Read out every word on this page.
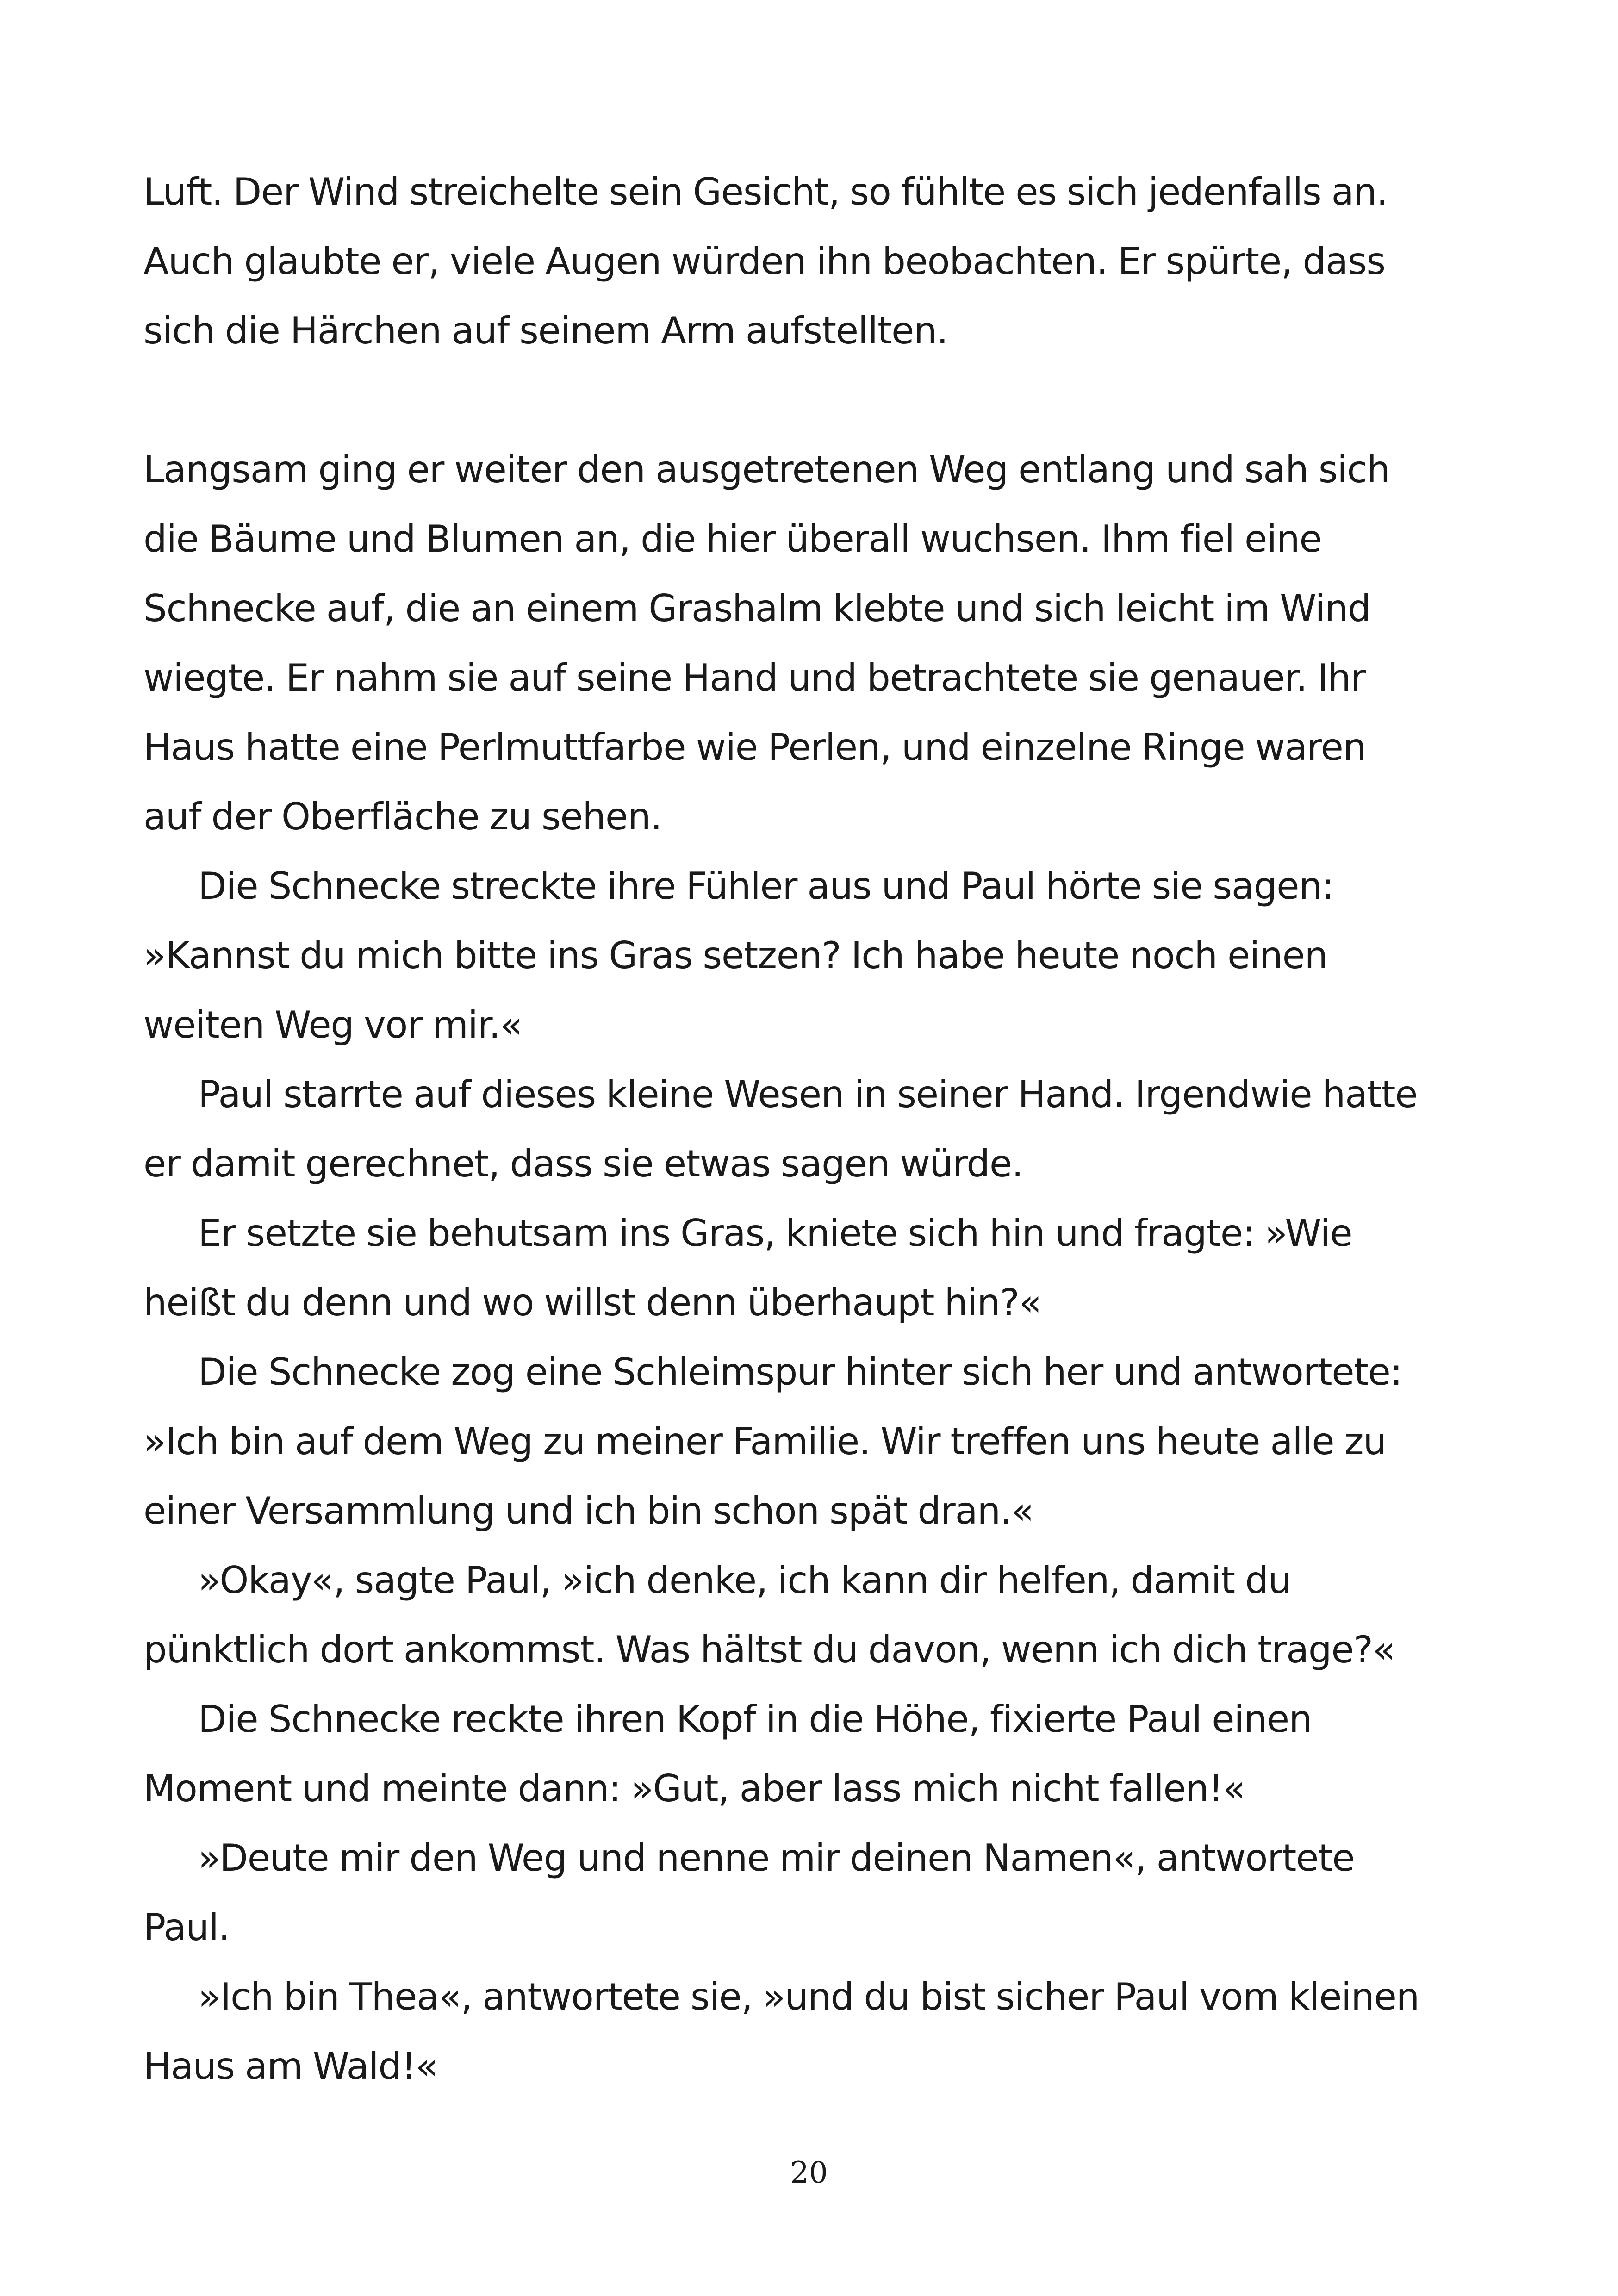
Luft. Der Wind streichelte sein Gesicht, so fühlte es sich jedenfalls an. Auch glaubte er, viele Augen würden ihn beobachten. Er spürte, dass sich die Härchen auf seinem Arm aufstellten.

Langsam ging er weiter den ausgetretenen Weg entlang und sah sich die Bäume und Blumen an, die hier überall wuchsen. Ihm fiel eine Schnecke auf, die an einem Grashalm klebte und sich leicht im Wind wiegte. Er nahm sie auf seine Hand und betrachtete sie genauer. Ihr Haus hatte eine Perlmuttfarbe wie Perlen, und einzelne Ringe waren auf der Oberfläche zu sehen.

Die Schnecke streckte ihre Fühler aus und Paul hörte sie sagen: »Kannst du mich bitte ins Gras setzen? Ich habe heute noch einen weiten Weg vor mir.«

Paul starrte auf dieses kleine Wesen in seiner Hand. Irgendwie hatte er damit gerechnet, dass sie etwas sagen würde.

Er setzte sie behutsam ins Gras, kniete sich hin und fragte: »Wie heißt du denn und wo willst denn überhaupt hin?«

Die Schnecke zog eine Schleimspur hinter sich her und antwortete: »Ich bin auf dem Weg zu meiner Familie. Wir treffen uns heute alle zu einer Versammlung und ich bin schon spät dran.«

»Okay«, sagte Paul, »ich denke, ich kann dir helfen, damit du pünktlich dort ankommst. Was hältst du davon, wenn ich dich trage?«

Die Schnecke reckte ihren Kopf in die Höhe, fixierte Paul einen Moment und meinte dann: »Gut, aber lass mich nicht fallen!«

»Deute mir den Weg und nenne mir deinen Namen«, antwortete Paul.

»Ich bin Thea«, antwortete sie, »und du bist sicher Paul vom kleinen Haus am Wald!«

20
